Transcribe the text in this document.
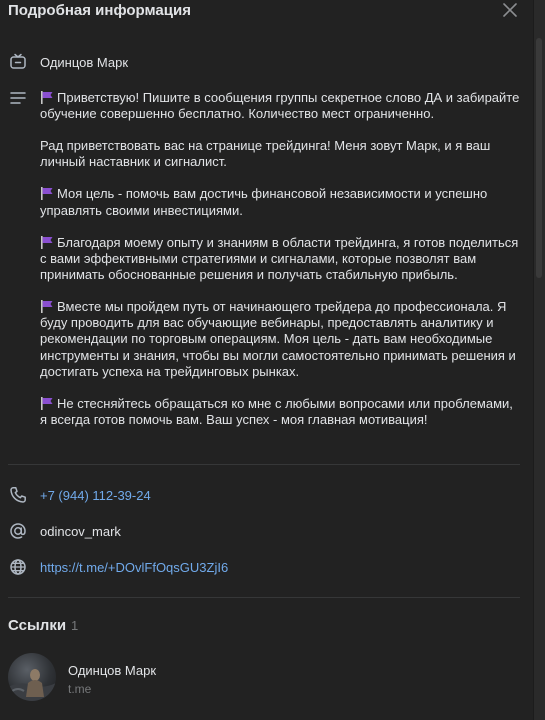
Подробная информация
Одинцов Марк

Приветствую! Пишите в сообщения группы секретное слово ДА и забирайте обучение совершенно бесплатно. Количество мест ограниченно.

Рад приветствовать вас на странице трейдинга! Меня зовут Марк, и я ваш личный наставник и сигналист.

Моя цель - помочь вам достичь финансовой независимости и успешно управлять своими инвестициями.

Благодаря моему опыту и знаниям в области трейдинга, я готов поделиться с вами эффективными стратегиями и сигналами, которые позволят вам принимать обоснованные решения и получать стабильную прибыль.

Вместе мы пройдем путь от начинающего трейдера до профессионала. Я буду проводить для вас обучающие вебинары, предоставлять аналитику и рекомендации по торговым операциям. Моя цель - дать вам необходимые инструменты и знания, чтобы вы могли самостоятельно принимать решения и достигать успеха на трейдинговых рынках.

Не стесняйтесь обращаться ко мне с любыми вопросами или проблемами, я всегда готов помочь вам. Ваш успех - моя главная мотивация!

+7 (944) 112-39-24
odincov_mark
https://t.me/+DOvlFfOqsGU3ZjI6
Ссылки 1
Одинцов Марк
t.me
